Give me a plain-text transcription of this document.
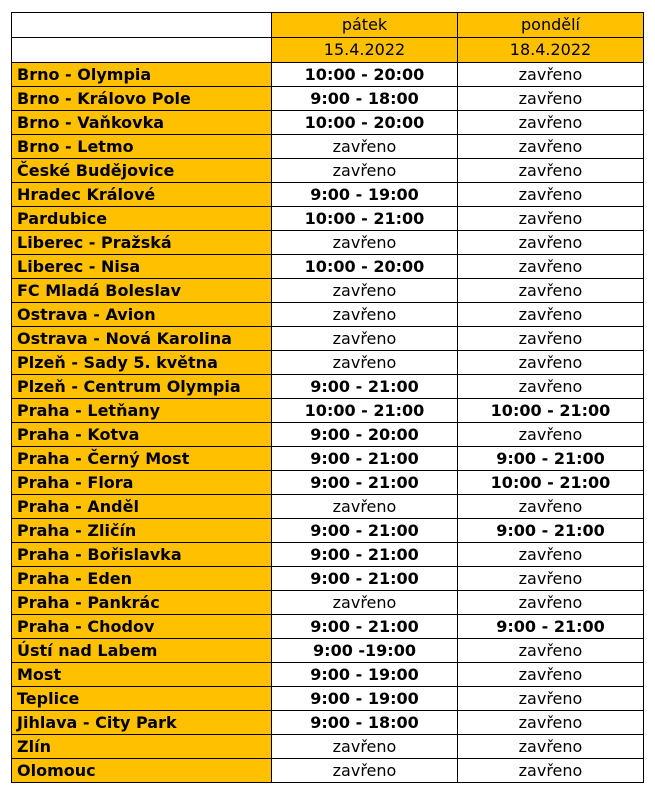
	pátek	pondělí
	15.4.2022	18.4.2022
Brno - Olympia	10:00 - 20:00	zavřeno
Brno - Královo Pole	9:00 - 18:00	zavřeno
Brno - Vaňkovka	10:00 - 20:00	zavřeno
Brno - Letmo	zavřeno	zavřeno
České Budějovice	zavřeno	zavřeno
Hradec Králové	9:00 - 19:00	zavřeno
Pardubice	10:00 - 21:00	zavřeno
Liberec - Pražská	zavřeno	zavřeno
Liberec - Nisa	10:00 - 20:00	zavřeno
FC Mladá Boleslav	zavřeno	zavřeno
Ostrava - Avion	zavřeno	zavřeno
Ostrava - Nová Karolina	zavřeno	zavřeno
Plzeň - Sady 5. května	zavřeno	zavřeno
Plzeň - Centrum Olympia	9:00 - 21:00	zavřeno
Praha - Letňany	10:00 - 21:00	10:00 - 21:00
Praha - Kotva	9:00 - 20:00	zavřeno
Praha - Černý Most	9:00 - 21:00	9:00 - 21:00
Praha - Flora	9:00 - 21:00	10:00 - 21:00
Praha - Anděl	zavřeno	zavřeno
Praha - Zličín	9:00 - 21:00	9:00 - 21:00
Praha - Bořislavka	9:00 - 21:00	zavřeno
Praha - Eden	9:00 - 21:00	zavřeno
Praha - Pankrác	zavřeno	zavřeno
Praha - Chodov	9:00 - 21:00	9:00 - 21:00
Ústí nad Labem	9:00 -19:00	zavřeno
Most	9:00 - 19:00	zavřeno
Teplice	9:00 - 19:00	zavřeno
Jihlava - City Park	9:00 - 18:00	zavřeno
Zlín	zavřeno	zavřeno
Olomouc	zavřeno	zavřeno
